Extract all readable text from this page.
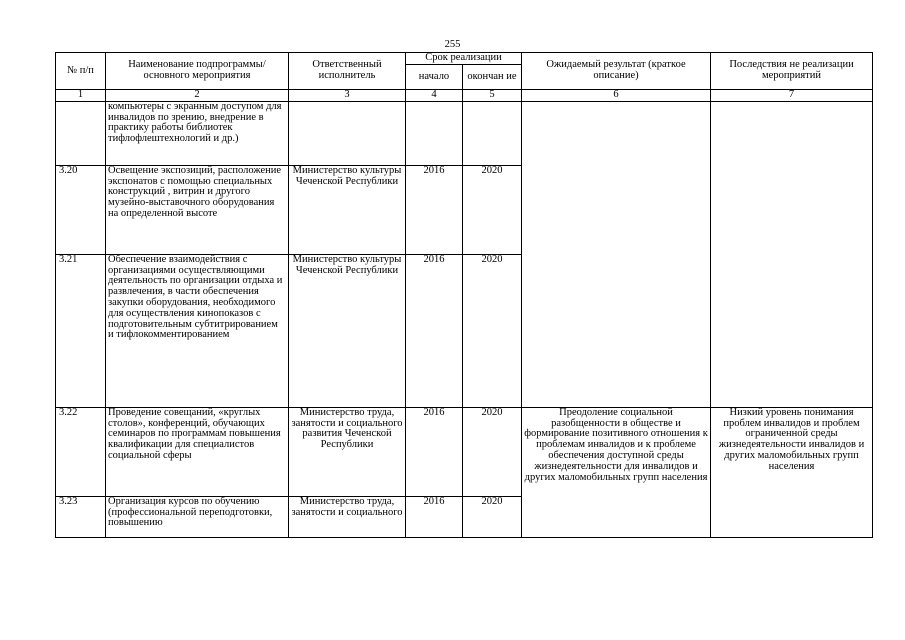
255
№ п/п	Наименование подпрограммы/ основного мероприятия	Ответственный исполнитель	Срок реализации		Ожидаемый результат (краткое описание)	Последствия не реализации мероприятий
			начало	окончан ие		
1	2	3	4	5	6	7
	компьютеры с экранным доступом для инвалидов по зрению, внедрение в практику работы библиотек тифлофлештехнологий и др.)					
3.20	Освещение экспозиций, расположение экспонатов с помощью специальных конструкций , витрин и другого музейно-выставочного оборудования на определенной высоте	Министерство культуры Чеченской Республики	2016	2020		
3.21	Обеспечение взаимодействия с организациями осуществляющими деятельность по организации отдыха и развлечения, в части обеспечения закупки оборудования, необходимого для осуществления кинопоказов с подготовительным субтитрированием и тифлокомментированием	Министерство культуры Чеченской Республики	2016	2020		
3.22	Проведение совещаний, «круглых столов», конференций, обучающих семинаров по программам повышения квалификации для специалистов социальной сферы	Министерство труда, занятости и социального развития Чеченской Республики	2016	2020	Преодоление социальной разобщенности в обществе и формирование позитивного отношения к проблемам инвалидов и к проблеме обеспечения доступной среды жизнедеятельности для инвалидов и других маломобильных групп населения	Низкий уровень понимания проблем инвалидов и проблем ограниченной среды жизнедеятельности инвалидов и других маломобильных групп населения
3.23	Организация курсов по обучению (профессиональной переподготовки, повышению	Министерство труда, занятости и социального	2016	2020		
